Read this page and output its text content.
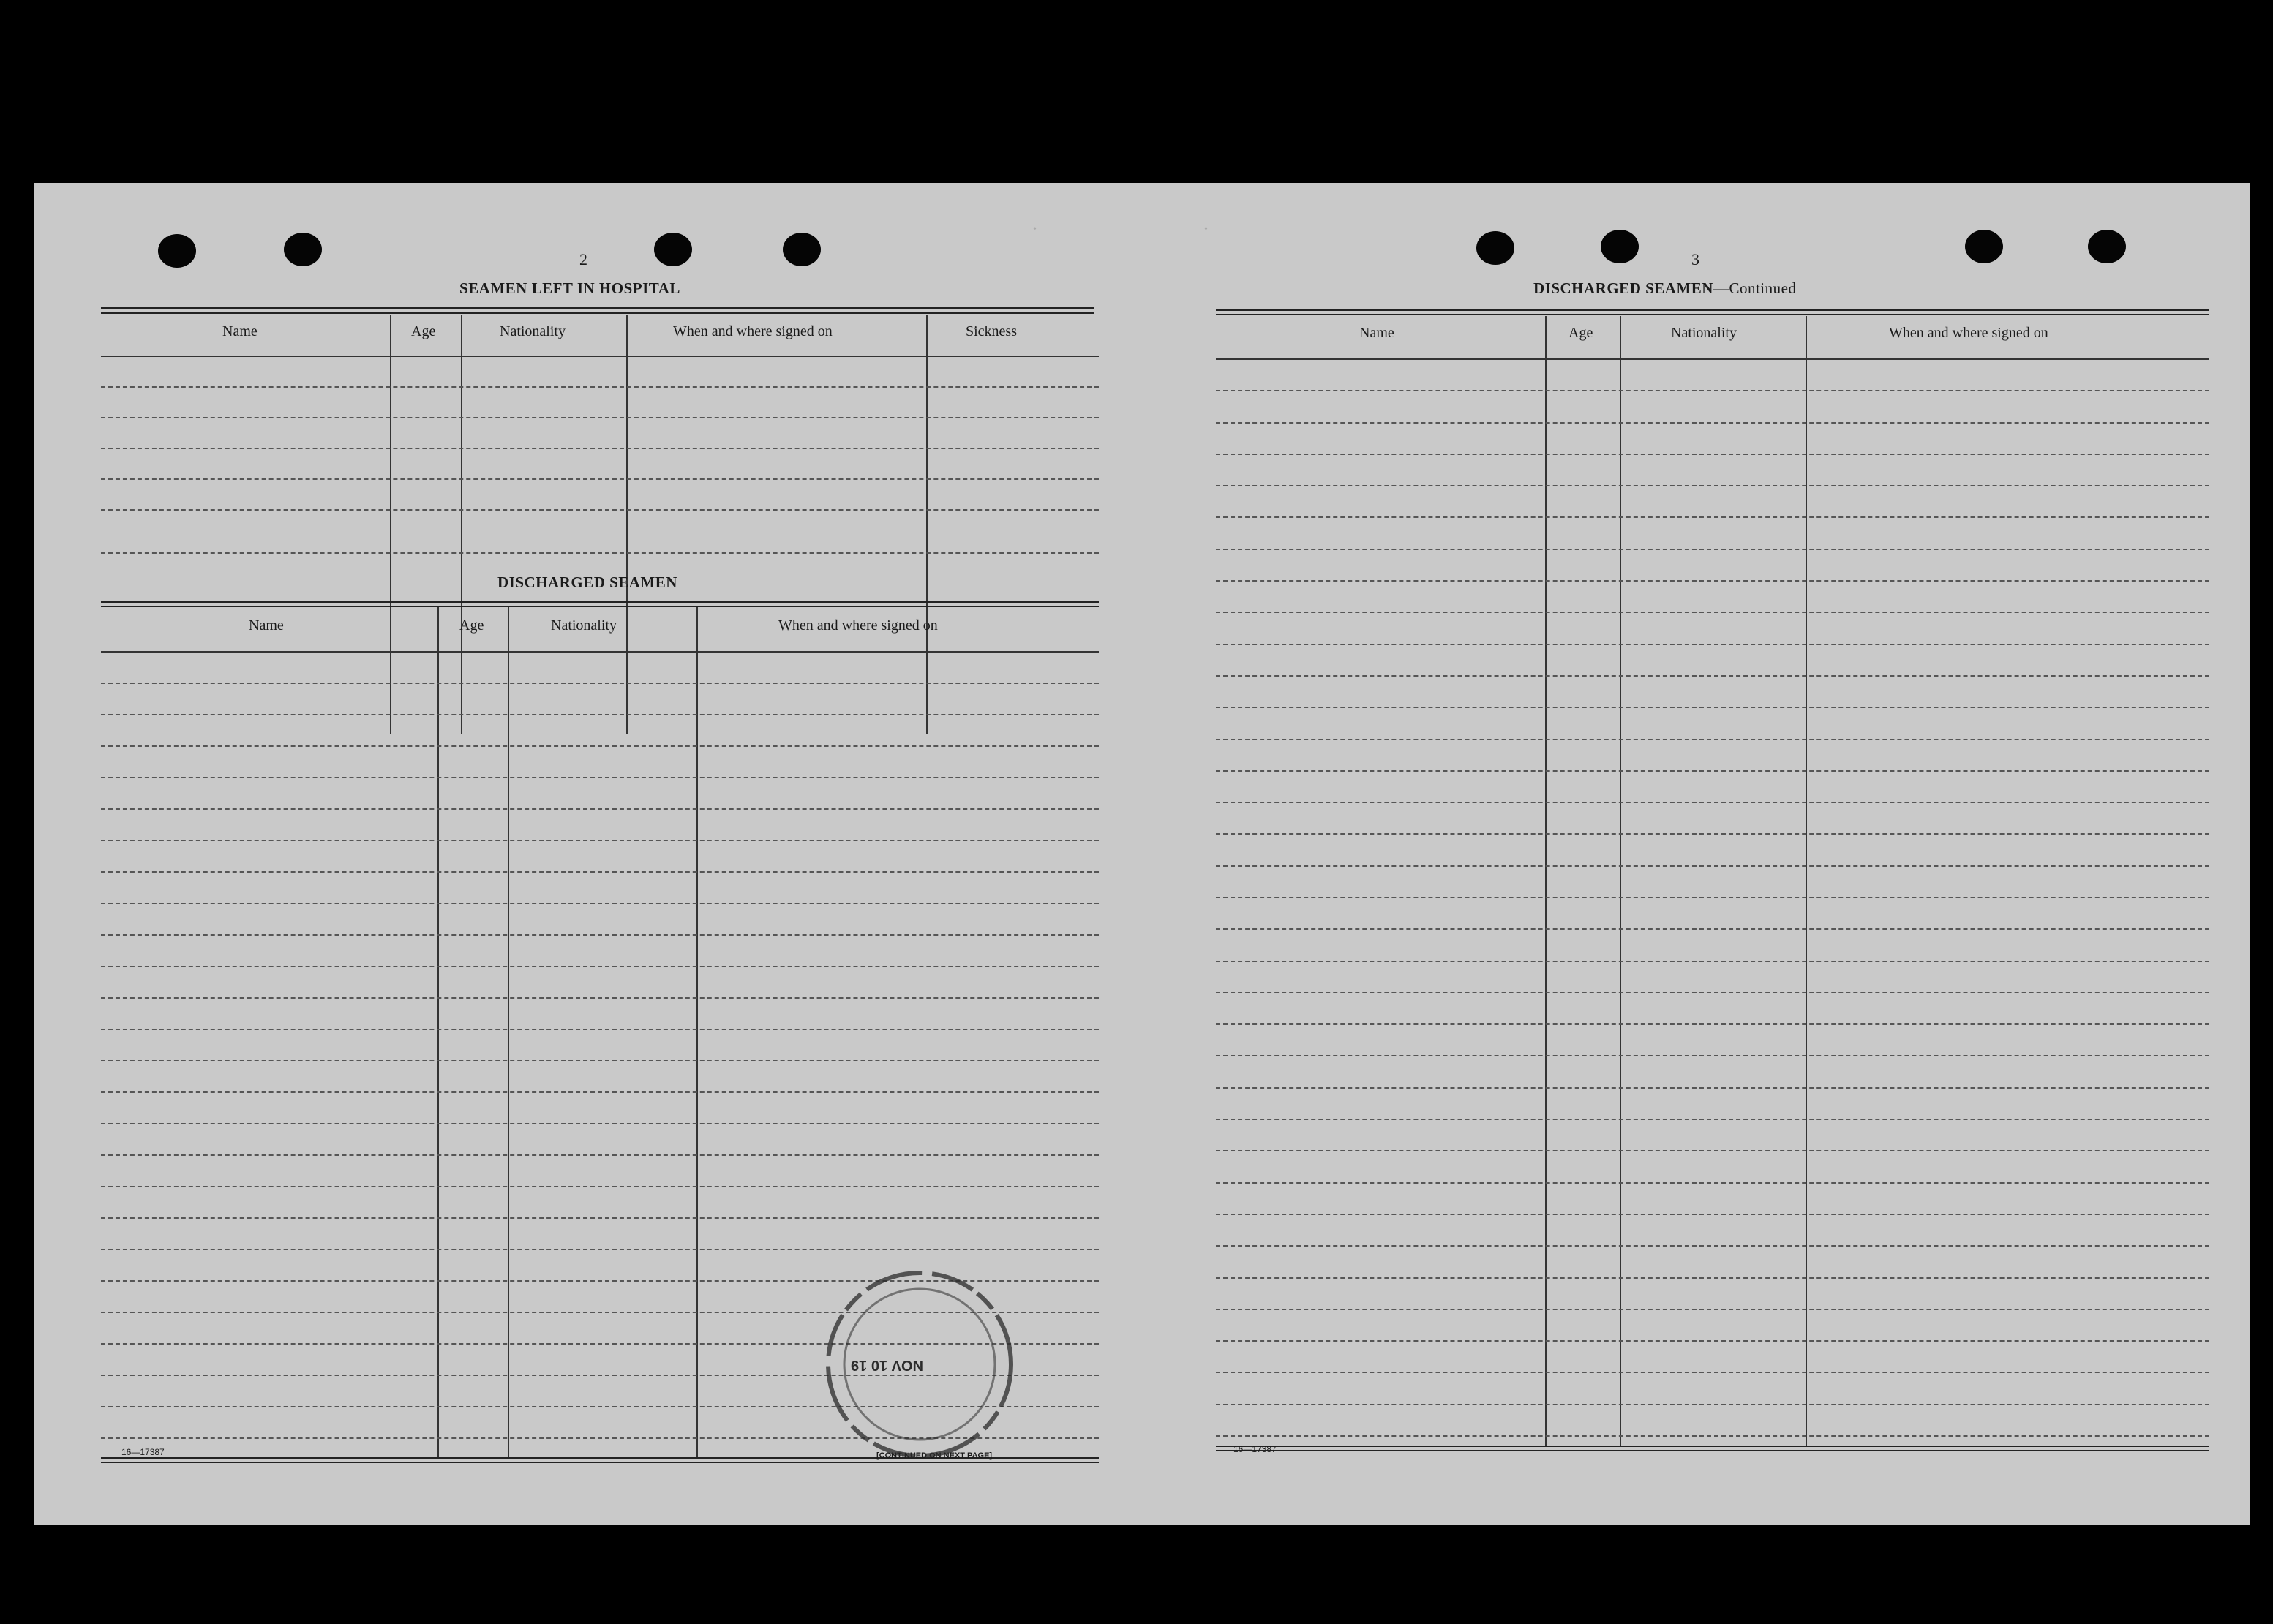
2
SEAMEN LEFT IN HOSPITAL
Name	Age	Nationality	When and where signed on	Sickness
DISCHARGED SEAMEN
Name	Age	Nationality	When and where signed on
16—17387	[CONTINUED ON NEXT PAGE]
NOV 10 19
3
DISCHARGED SEAMEN—Continued
Name	Age	Nationality	When and where signed on
16—17387
•	•
